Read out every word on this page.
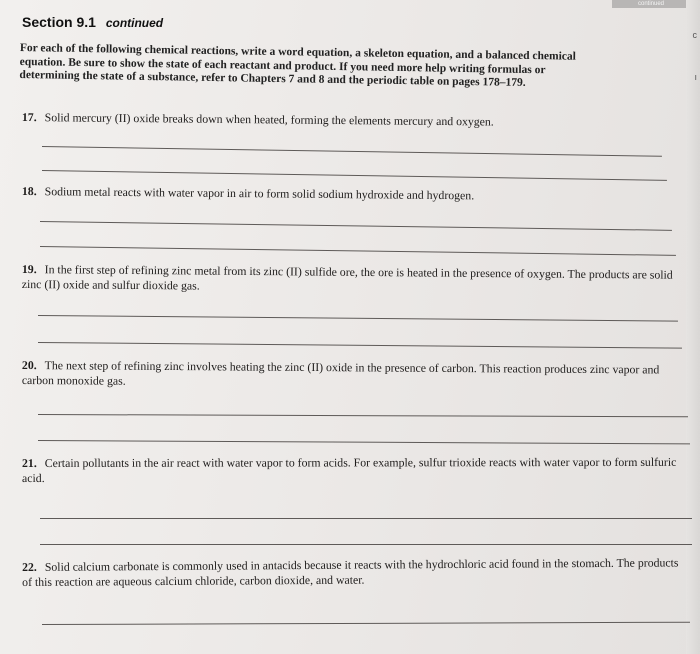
continued
c
ı
Section 9.1 continued
For each of the following chemical reactions, write a word equation, a skeleton equation, and a balanced chemical equation. Be sure to show the state of each reactant and product. If you need more help writing formulas or determining the state of a substance, refer to Chapters 7 and 8 and the periodic table on pages 178–179.
17. Solid mercury (II) oxide breaks down when heated, forming the elements mercury and oxygen.
18. Sodium metal reacts with water vapor in air to form solid sodium hydroxide and hydrogen.
19. In the first step of refining zinc metal from its zinc (II) sulfide ore, the ore is heated in the presence of oxygen. The products are solid zinc (II) oxide and sulfur dioxide gas.
20. The next step of refining zinc involves heating the zinc (II) oxide in the presence of carbon. This reaction produces zinc vapor and carbon monoxide gas.
21. Certain pollutants in the air react with water vapor to form acids. For example, sulfur trioxide reacts with water vapor to form sulfuric acid.
22. Solid calcium carbonate is commonly used in antacids because it reacts with the hydrochloric acid found in the stomach. The products of this reaction are aqueous calcium chloride, carbon dioxide, and water.
